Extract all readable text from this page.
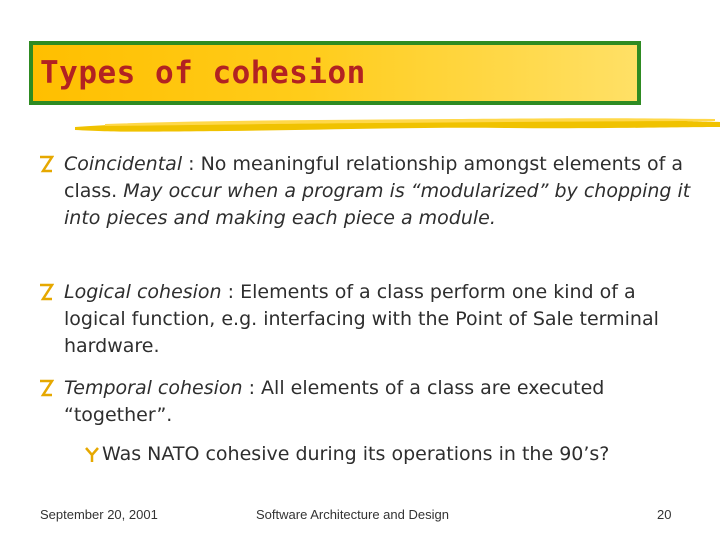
Types of cohesion
Coincidental : No meaningful relationship amongst elements of a class. May occur when a program is “modularized” by chopping it into pieces and making each piece a module.
Logical cohesion : Elements of a class perform one kind of a logical function, e.g. interfacing with the Point of Sale terminal hardware.
Temporal cohesion : All elements of a class are executed “together”.
Was NATO cohesive during its operations in the 90’s?
September 20, 2001	Software Architecture and Design	20
